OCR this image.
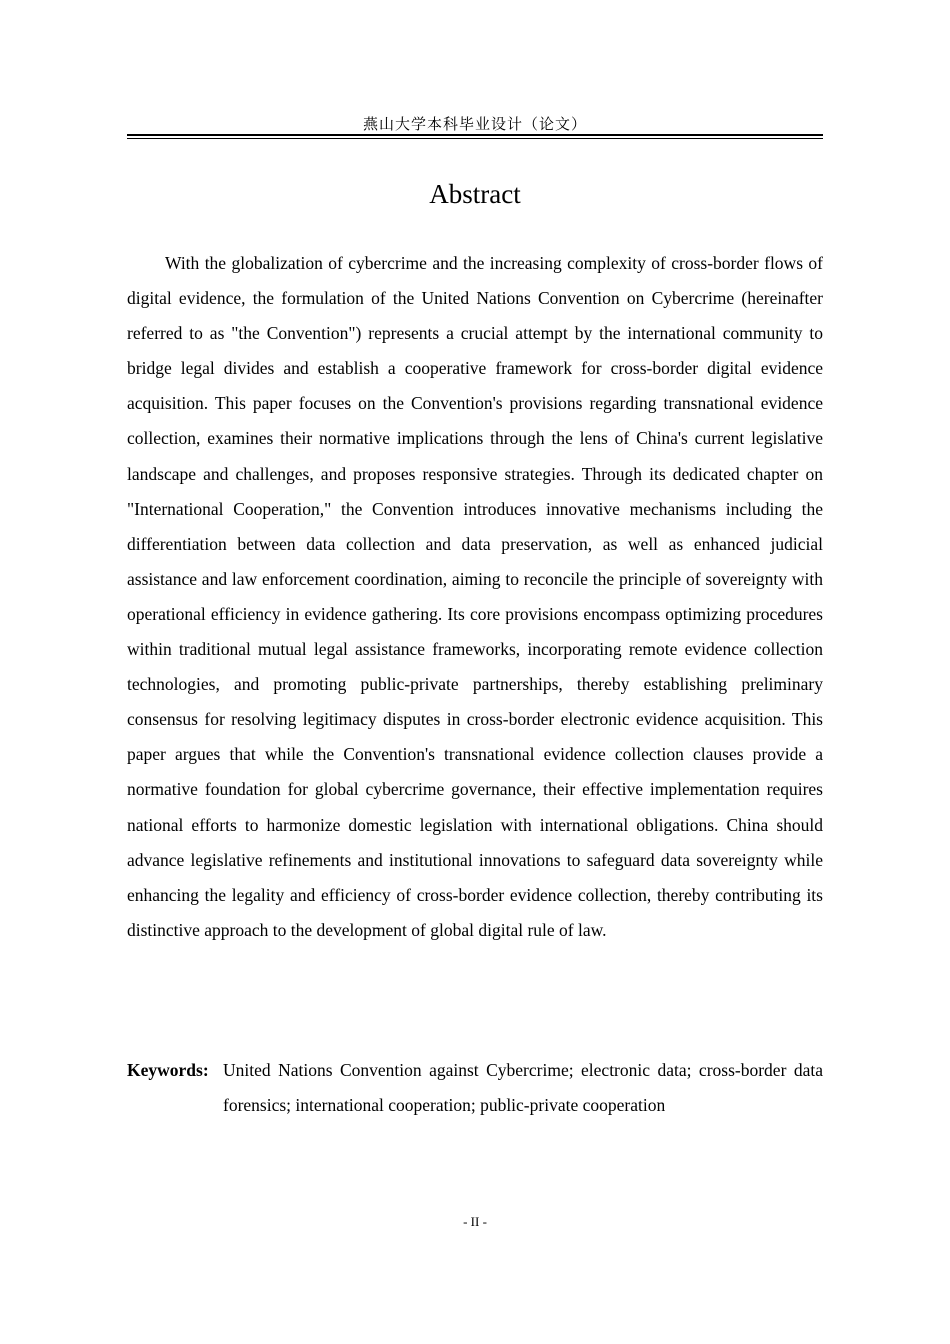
燕山大学本科毕业设计（论文）
Abstract

With the globalization of cybercrime and the increasing complexity of cross-border flows of digital evidence, the formulation of the United Nations Convention on Cybercrime (hereinafter referred to as "the Convention") represents a crucial attempt by the international community to bridge legal divides and establish a cooperative framework for cross-border digital evidence acquisition. This paper focuses on the Convention's provisions regarding transnational evidence collection, examines their normative implications through the lens of China's current legislative landscape and challenges, and proposes responsive strategies. Through its dedicated chapter on "International Cooperation," the Convention introduces innovative mechanisms including the differentiation between data collection and data preservation, as well as enhanced judicial assistance and law enforcement coordination, aiming to reconcile the principle of sovereignty with operational efficiency in evidence gathering. Its core provisions encompass optimizing procedures within traditional mutual legal assistance frameworks, incorporating remote evidence collection technologies, and promoting public-private partnerships, thereby establishing preliminary consensus for resolving legitimacy disputes in cross-border electronic evidence acquisition. This paper argues that while the Convention's transnational evidence collection clauses provide a normative foundation for global cybercrime governance, their effective implementation requires national efforts to harmonize domestic legislation with international obligations. China should advance legislative refinements and institutional innovations to safeguard data sovereignty while enhancing the legality and efficiency of cross-border evidence collection, thereby contributing its distinctive approach to the development of global digital rule of law.

Keywords: United Nations Convention against Cybercrime; electronic data; cross-border data forensics; international cooperation; public-private cooperation
- II -
